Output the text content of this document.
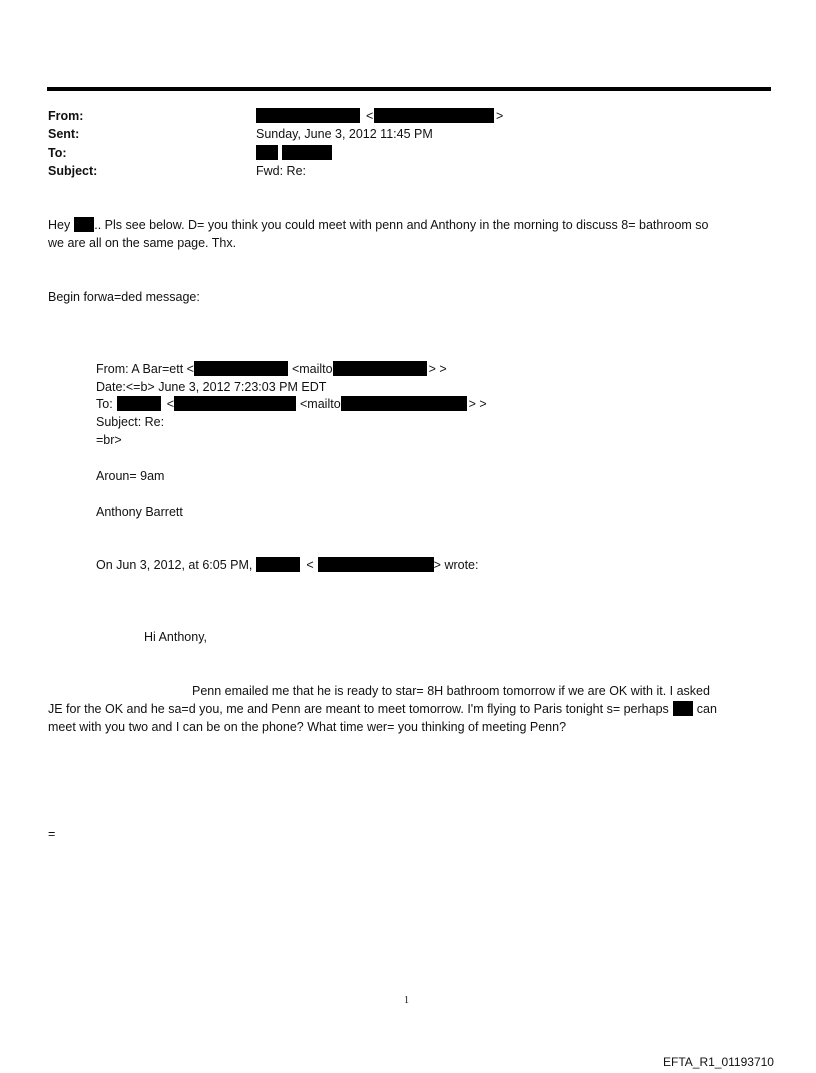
From:	<	>
Sent:	Sunday, June 3, 2012 11:45 PM
To:
Subject:	Fwd: Re:
Hey .. Pls see below. D= you think you could meet with penn and Anthony in the morning to discuss 8= bathroom so
we are all on the same page. Thx.
Begin forwa=ded message:
From: A Bar=ett <	<mailto	> >
Date:<=b> June 3, 2012 7:23:03 PM EDT
To:	<	<mailto	> >
Subject: Re:
=br>
Aroun= 9am
Anthony Barrett
On Jun 3, 2012, at 6:05 PM,	<	> wrote:
Hi Anthony,
Penn emailed me that he is ready to star= 8H bathroom tomorrow if we are OK with it. I asked
JE for the OK and he sa=d you, me and Penn are meant to meet tomorrow. I'm flying to Paris tonight s= perhaps can
meet with you two and I can be on the phone? What time wer= you thinking of meeting Penn?
=
1
EFTA_R1_01193710
